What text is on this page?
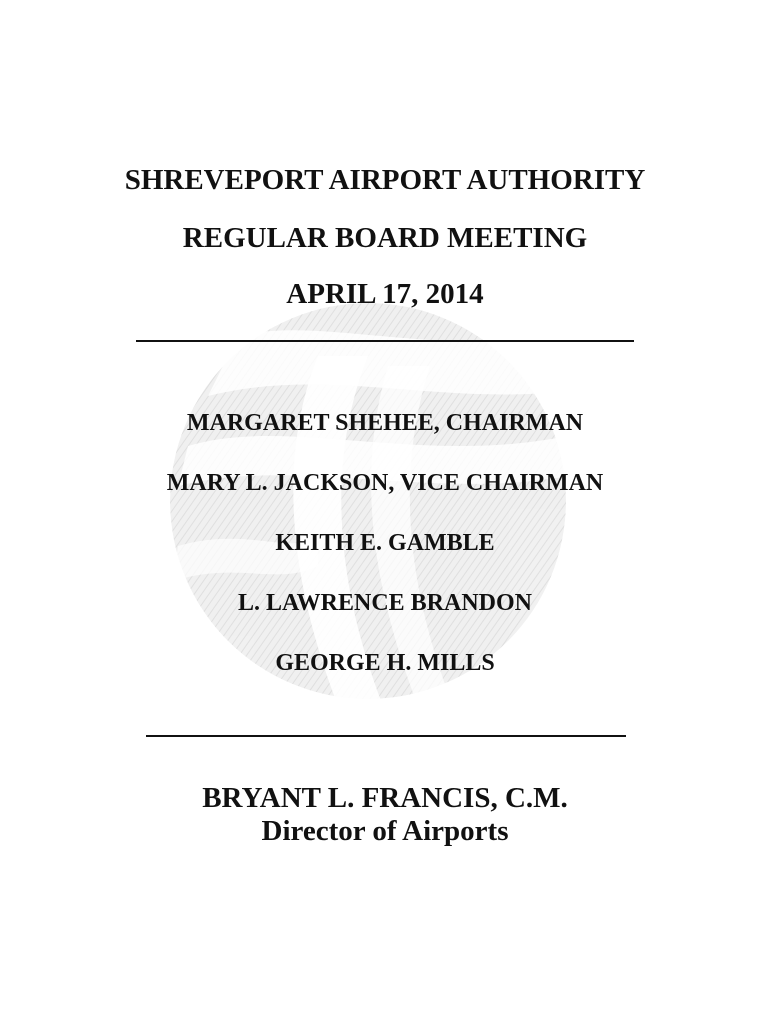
SHREVEPORT AIRPORT AUTHORITY
REGULAR BOARD MEETING
APRIL 17, 2014
MARGARET SHEHEE, CHAIRMAN
MARY L. JACKSON, VICE CHAIRMAN
KEITH E. GAMBLE
L. LAWRENCE BRANDON
GEORGE H. MILLS
BRYANT L. FRANCIS, C.M.
Director of Airports
